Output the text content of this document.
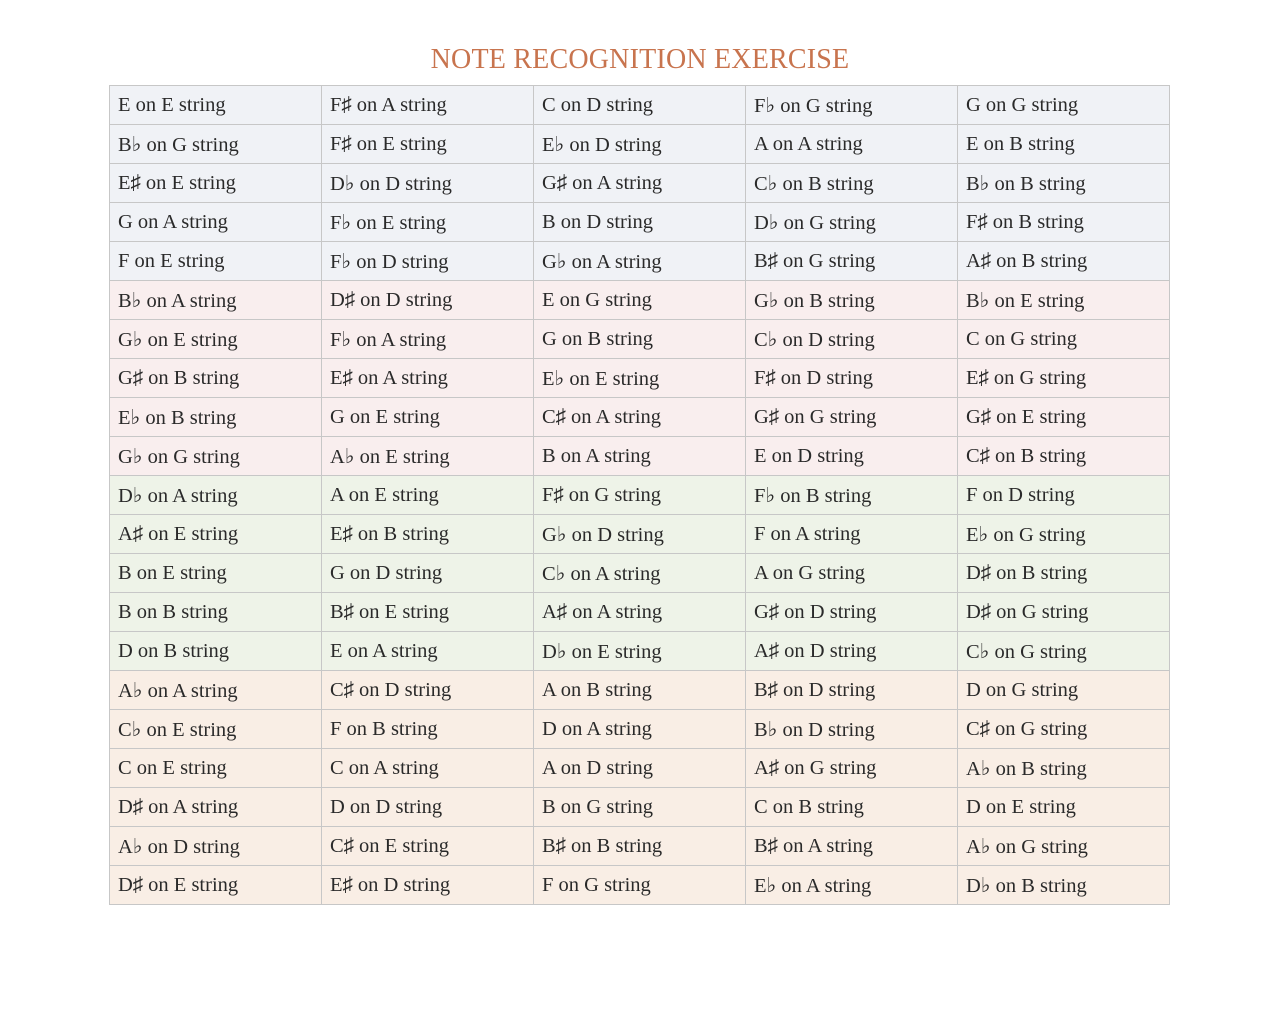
NOTE RECOGNITION EXERCISE
E on E string	F♯ on A string	C on D string	F♭ on G string	G on G string
B♭ on G string	F♯ on E string	E♭ on D string	A on A string	E on B string
E♯ on E string	D♭ on D string	G♯ on A string	C♭ on B string	B♭ on B string
G on A string	F♭ on E string	B on D string	D♭ on G string	F♯ on B string
F on E string	F♭ on D string	G♭ on A string	B♯ on G string	A♯ on B string
B♭ on A string	D♯ on D string	E on G string	G♭ on B string	B♭ on E string
G♭ on E string	F♭ on A string	G on B string	C♭ on D string	C on G string
G♯ on B string	E♯ on A string	E♭ on E string	F♯ on D string	E♯ on G string
E♭ on B string	G on E string	C♯ on A string	G♯ on G string	G♯ on E string
G♭ on G string	A♭ on E string	B on A string	E on D string	C♯ on B string
D♭ on A string	A on E string	F♯ on G string	F♭ on B string	F on D string
A♯ on E string	E♯ on B string	G♭ on D string	F on A string	E♭ on G string
B on E string	G on D string	C♭ on A string	A on G string	D♯ on B string
B on B string	B♯ on E string	A♯ on A string	G♯ on D string	D♯ on G string
D on B string	E on A string	D♭ on E string	A♯ on D string	C♭ on G string
A♭ on A string	C♯ on D string	A on B string	B♯ on D string	D on G string
C♭ on E string	F on B string	D on A string	B♭ on D string	C♯ on G string
C on E string	C on A string	A on D string	A♯ on G string	A♭ on B string
D♯ on A string	D on D string	B on G string	C on B string	D on E string
A♭ on D string	C♯ on E string	B♯ on B string	B♯ on A string	A♭ on G string
D♯ on E string	E♯ on D string	F on G string	E♭ on A string	D♭ on B string
